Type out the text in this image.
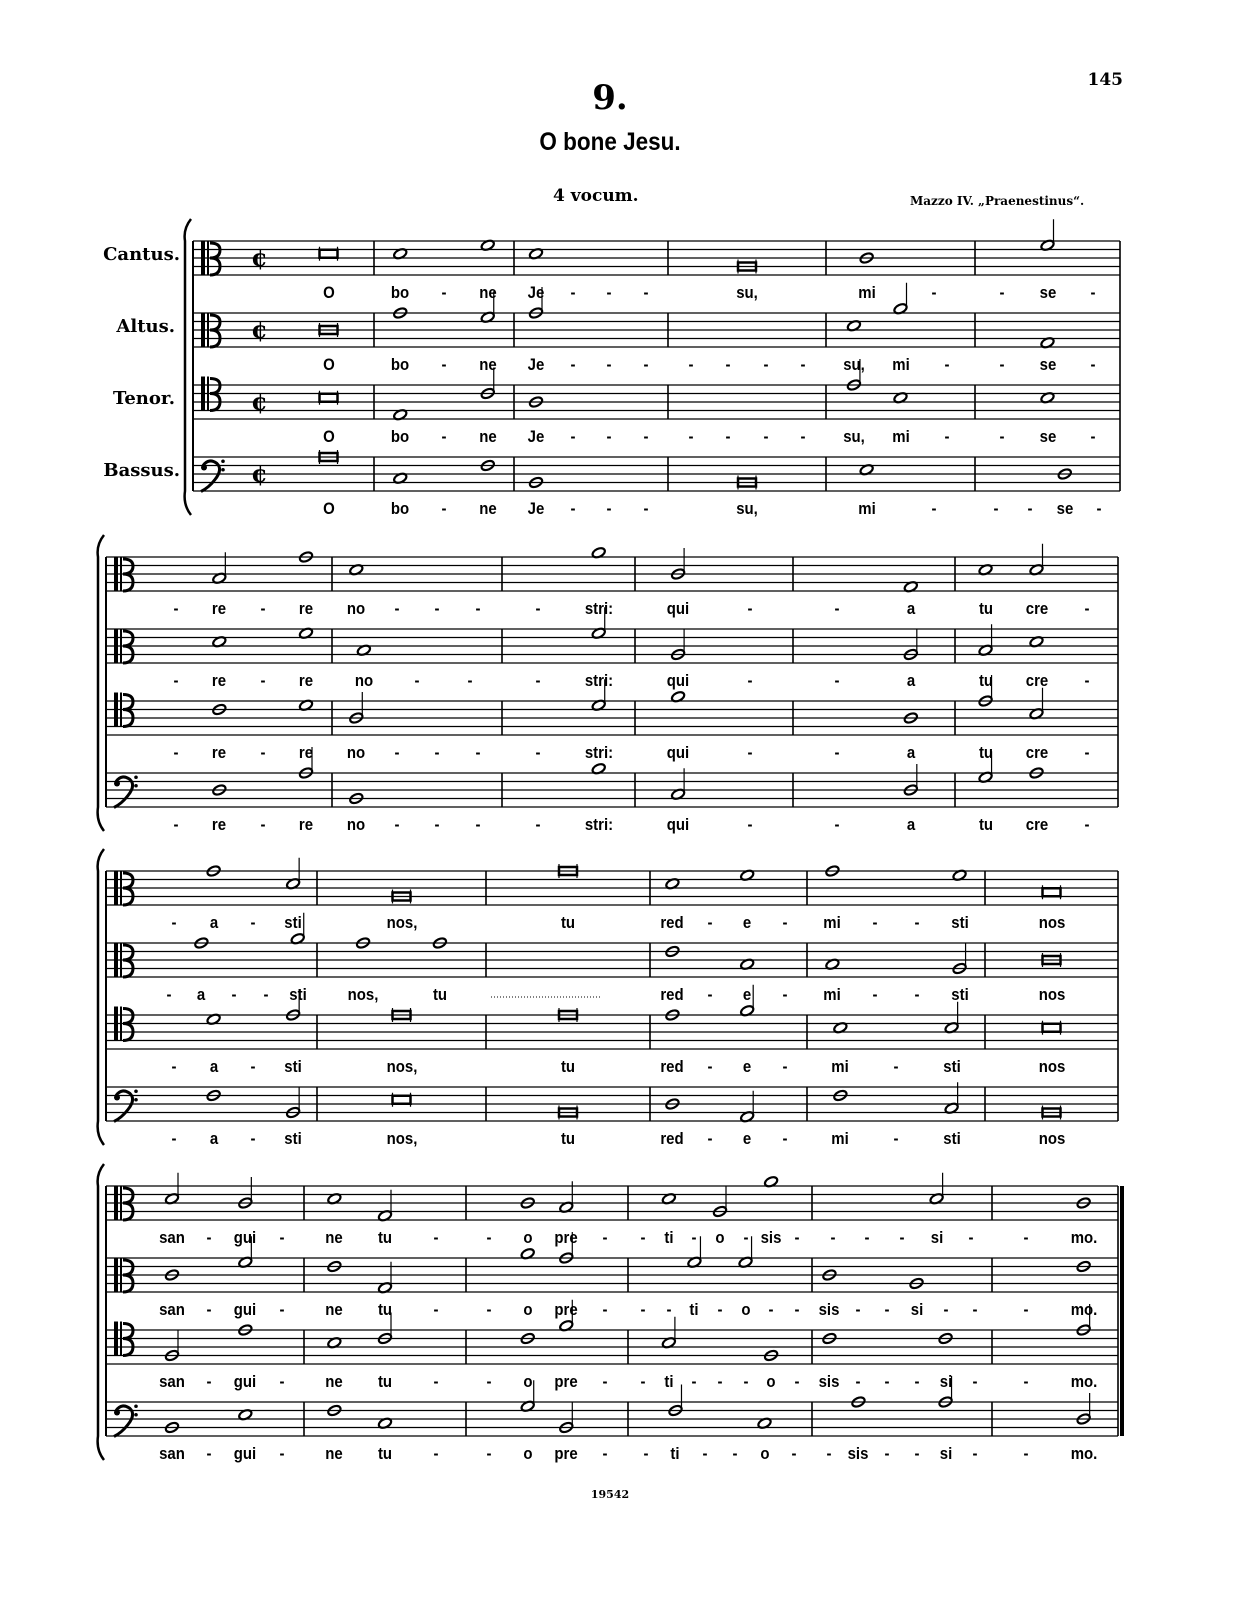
145
9.
O bone Jesu.
4 vocum.	Mazzo IV. „Praenestinus“.
19542
Cantus.
Altus.
Tenor.
Bassus.
¢
¢
¢
¢
O	bo - ne Je - - -	su,	mi	-	- se -
O	bo - ne Je - - - - - - - su, mi -	- se -
O	bo - ne Je - - - - - - - su, mi -	- se -
O	bo - ne Je - - -	su,	mi	-	- - se -
- re - re no - - -	-	stri:	qui	-	-	a	tu cre -
- re - re no -	-	-	stri:	qui	-	-	a	tu cre -
- re - re no - - -	-	stri:	qui	-	-	a	tu cre -
- re - re no - - -	-	stri:	qui	-	-	a	tu cre -
- a - sti	nos,	tu	red - e - mi - - sti	nos
- a - - sti nos,	tu	red - e - mi - - sti	nos
- a - sti	nos,	tu	red - e -	mi	-	sti	nos
- a - sti	nos,	tu	red - e -	mi	-	sti	nos
san - gui - ne tu -	- o pre - - ti - o - sis - - - - si -	- mo.
san - gui - ne tu -	- o pre - - - ti - o - - sis - - si - -	- mo.
san - gui - ne tu -	- o pre - - ti - - - o - sis - - - si -	- mo.
san - gui - ne tu -	- o pre - - ti - - o - - sis - - si -	- mo.
